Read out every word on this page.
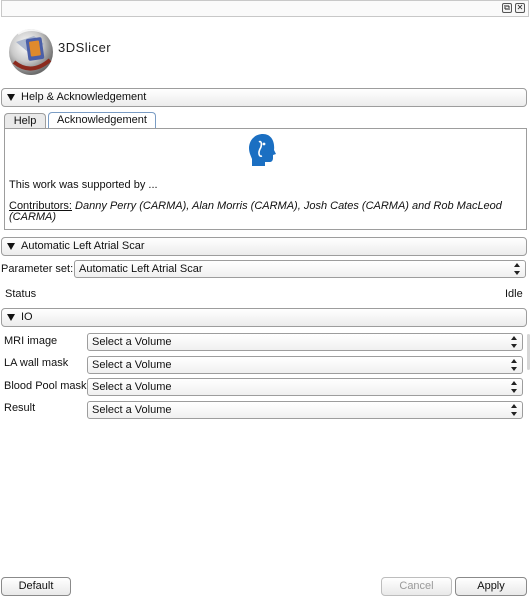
⧉ ✕
3DSlicer
Help & Acknowledgement
Help	Acknowledgement
This work was supported by ...
Contributors: Danny Perry (CARMA), Alan Morris (CARMA), Josh Cates (CARMA) and Rob MacLeod (CARMA)
Automatic Left Atrial Scar
Parameter set: Automatic Left Atrial Scar
Status	Idle
IO
MRI image	Select a Volume
LA wall mask Select a Volume
Blood Pool mask Select a Volume
Result	Select a Volume
Default	Cancel	Apply
